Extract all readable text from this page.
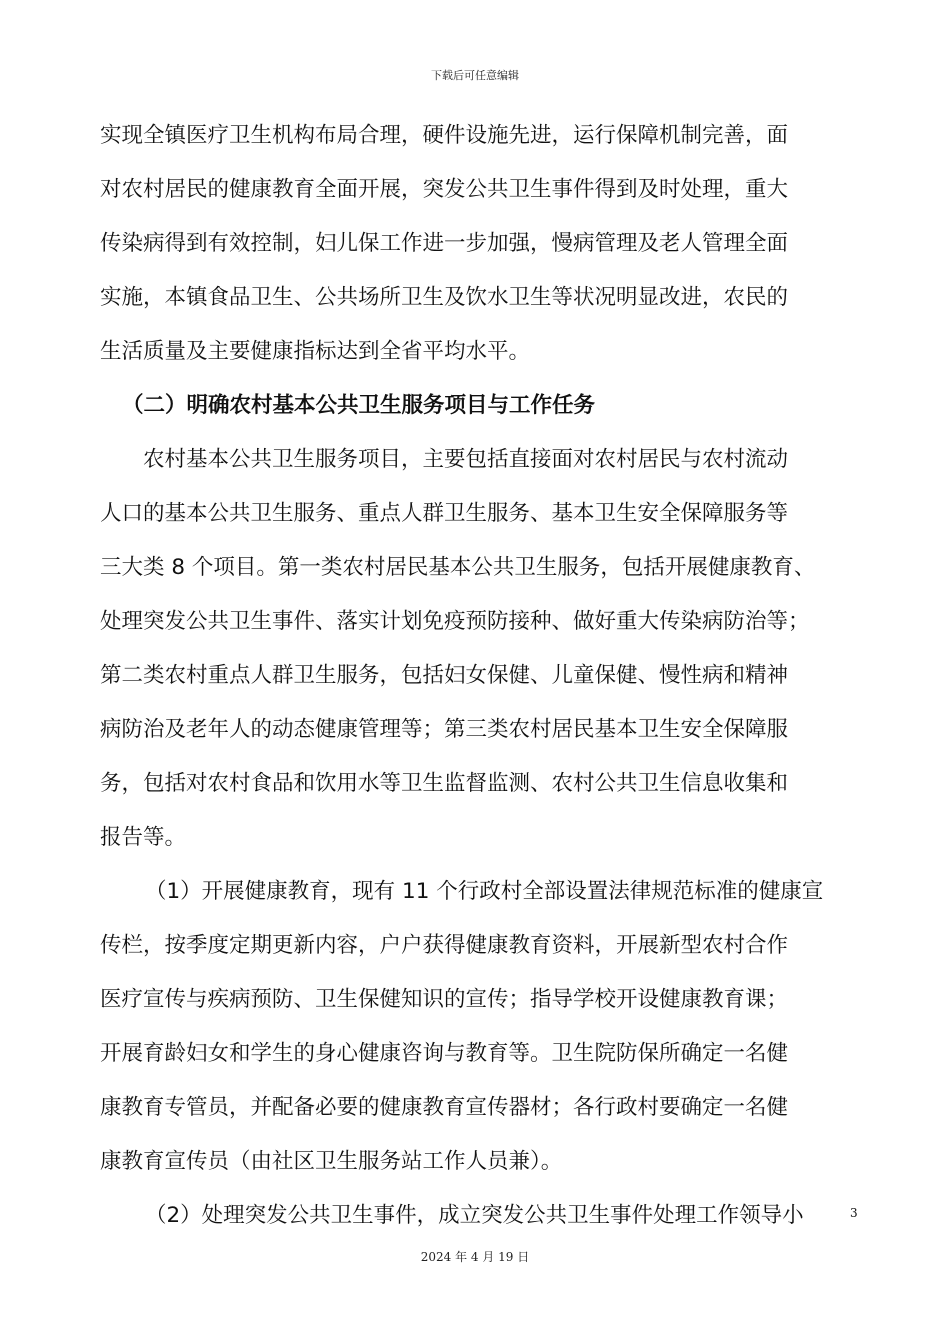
下载后可任意编辑
实现全镇医疗卫生机构布局合理，硬件设施先进，运行保障机制完善，面
对农村居民的健康教育全面开展，突发公共卫生事件得到及时处理，重大
传染病得到有效控制，妇儿保工作进一步加强，慢病管理及老人管理全面
实施，本镇食品卫生、公共场所卫生及饮水卫生等状况明显改进，农民的
生活质量及主要健康指标达到全省平均水平。
（二）明确农村基本公共卫生服务项目与工作任务
农村基本公共卫生服务项目，主要包括直接面对农村居民与农村流动
人口的基本公共卫生服务、重点人群卫生服务、基本卫生安全保障服务等
三大类 8 个项目。第一类农村居民基本公共卫生服务，包括开展健康教育、
处理突发公共卫生事件、落实计划免疫预防接种、做好重大传染病防治等；
第二类农村重点人群卫生服务，包括妇女保健、儿童保健、慢性病和精神
病防治及老年人的动态健康管理等；第三类农村居民基本卫生安全保障服
务，包括对农村食品和饮用水等卫生监督监测、农村公共卫生信息收集和
报告等。
（1）开展健康教育，现有 11 个行政村全部设置法律规范标准的健康宣
传栏，按季度定期更新内容，户户获得健康教育资料，开展新型农村合作
医疗宣传与疾病预防、卫生保健知识的宣传；指导学校开设健康教育课；
开展育龄妇女和学生的身心健康咨询与教育等。卫生院防保所确定一名健
康教育专管员，并配备必要的健康教育宣传器材；各行政村要确定一名健
康教育宣传员（由社区卫生服务站工作人员兼）。
（2）处理突发公共卫生事件，成立突发公共卫生事件处理工作领导小	3
2024 年 4 月 19 日
